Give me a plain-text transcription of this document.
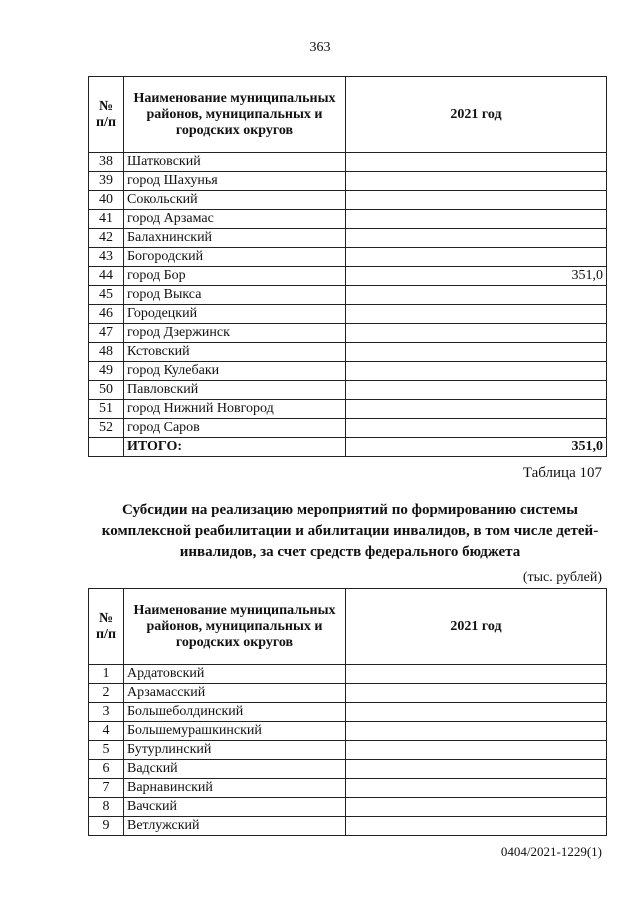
363
№ п/п	Наименование муниципальных районов, муниципальных и городских округов	2021 год
38	Шатковский	
39	город Шахунья	
40	Сокольский	
41	город Арзамас	
42	Балахнинский	
43	Богородский	
44	город Бор	351,0
45	город Выкса	
46	Городецкий	
47	город Дзержинск	
48	Кстовский	
49	город Кулебаки	
50	Павловский	
51	город Нижний Новгород	
52	город Саров	
	ИТОГО:	351,0
Таблица 107
Субсидии на реализацию мероприятий по формированию системы комплексной реабилитации и абилитации инвалидов, в том числе детей-инвалидов, за счет средств федерального бюджета
(тыс. рублей)
№ п/п	Наименование муниципальных районов, муниципальных и городских округов	2021 год
1	Ардатовский	
2	Арзамасский	
3	Большеболдинский	
4	Большемурашкинский	
5	Бутурлинский	
6	Вадский	
7	Варнавинский	
8	Вачский	
9	Ветлужский	
0404/2021-1229(1)
